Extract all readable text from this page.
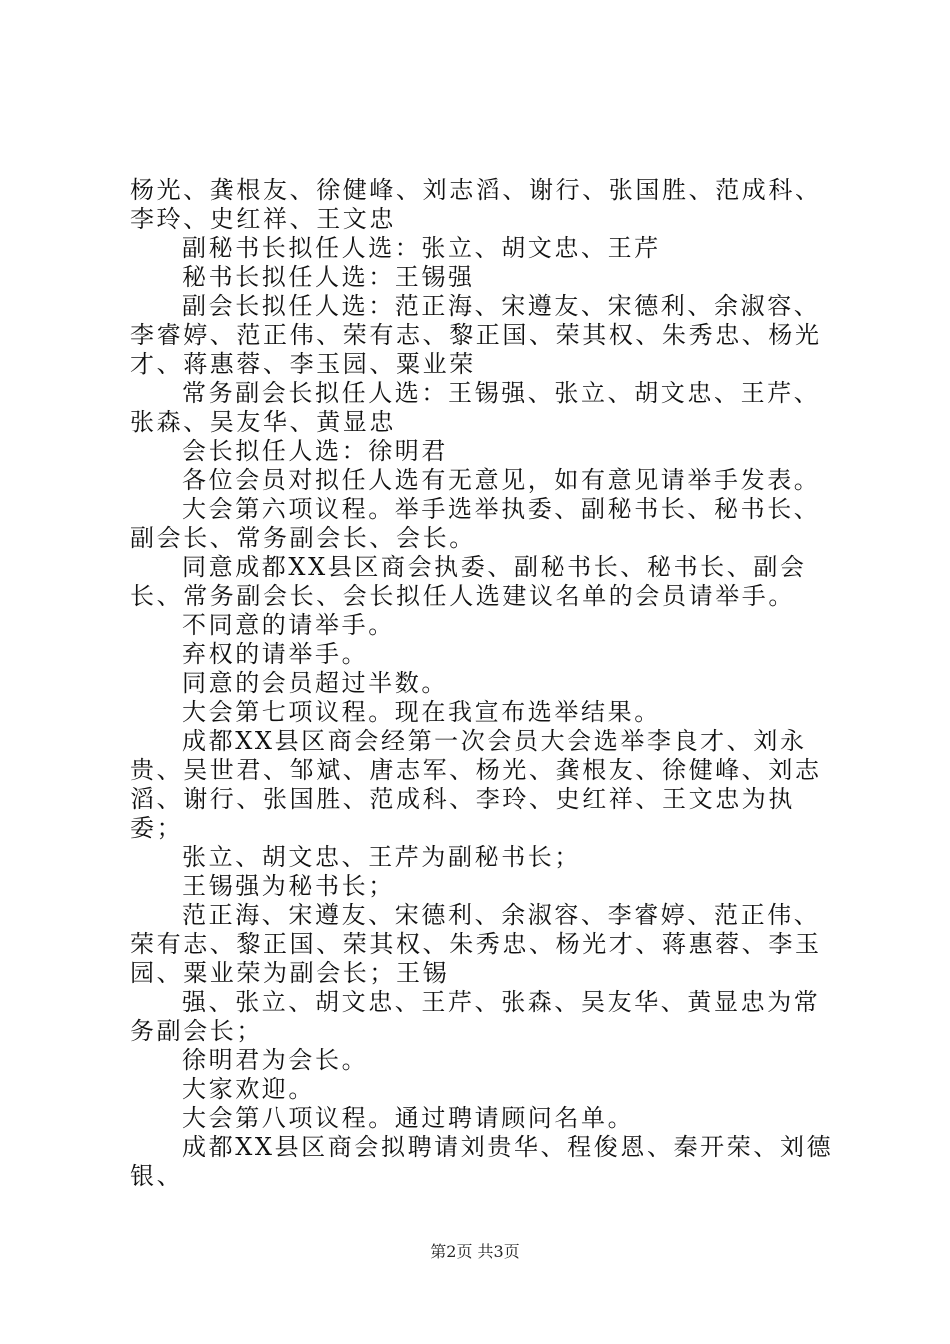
杨光、龚根友、徐健峰、刘志滔、谢行、张国胜、范成科、李玲、史红祥、王文忠

副秘书长拟任人选：张立、胡文忠、王芹

秘书长拟任人选：王锡强

副会长拟任人选：范正海、宋遵友、宋德利、余淑容、李睿婷、范正伟、荣有志、黎正国、荣其权、朱秀忠、杨光才、蒋惠蓉、李玉园、粟业荣

常务副会长拟任人选：王锡强、张立、胡文忠、王芹、张森、吴友华、黄显忠

会长拟任人选：徐明君

各位会员对拟任人选有无意见，如有意见请举手发表。

大会第六项议程。举手选举执委、副秘书长、秘书长、副会长、常务副会长、会长。

同意成都XX县区商会执委、副秘书长、秘书长、副会长、常务副会长、会长拟任人选建议名单的会员请举手。

不同意的请举手。

弃权的请举手。

同意的会员超过半数。

大会第七项议程。现在我宣布选举结果。

成都XX县区商会经第一次会员大会选举李良才、刘永贵、吴世君、邹斌、唐志军、杨光、龚根友、徐健峰、刘志滔、谢行、张国胜、范成科、李玲、史红祥、王文忠为执委；

张立、胡文忠、王芹为副秘书长；

王锡强为秘书长；

范正海、宋遵友、宋德利、余淑容、李睿婷、范正伟、荣有志、黎正国、荣其权、朱秀忠、杨光才、蒋惠蓉、李玉园、粟业荣为副会长；王锡

强、张立、胡文忠、王芹、张森、吴友华、黄显忠为常务副会长；

徐明君为会长。

大家欢迎。

大会第八项议程。通过聘请顾问名单。

成都XX县区商会拟聘请刘贵华、程俊恩、秦开荣、刘德银、

第2页 共3页
